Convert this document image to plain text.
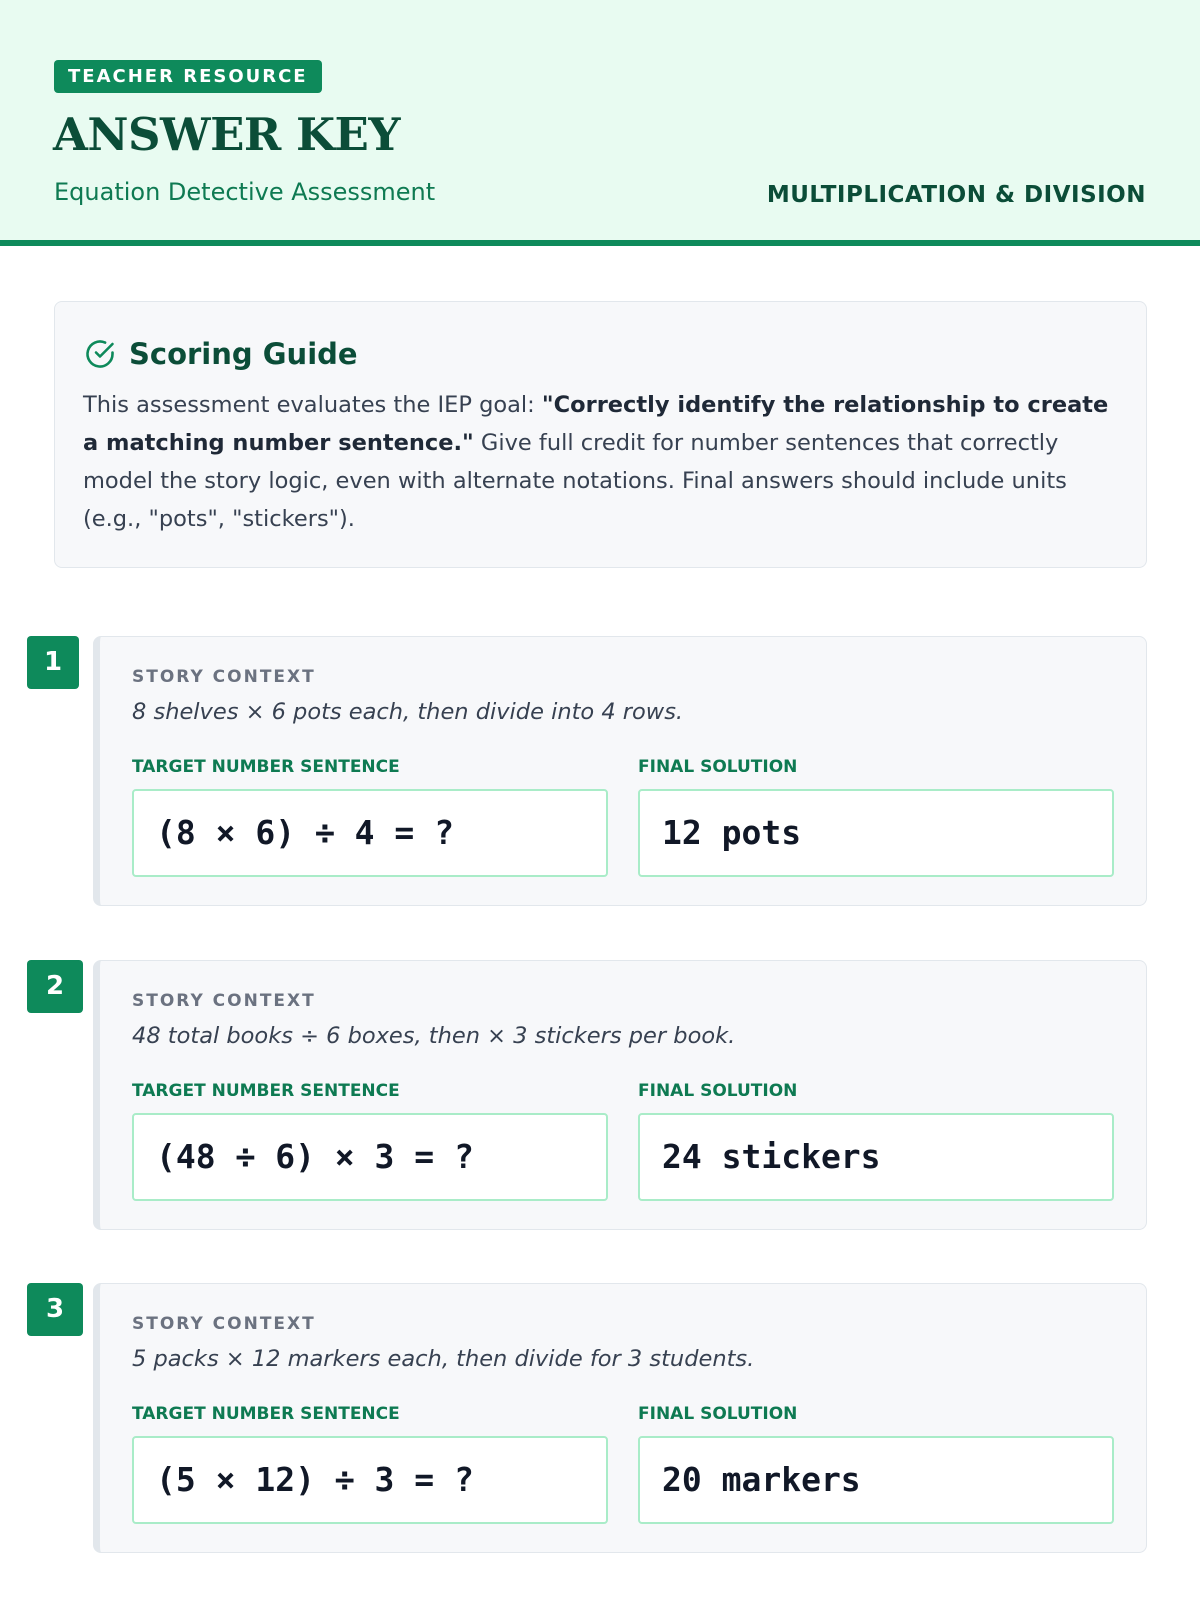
TEACHER RESOURCE
ANSWER KEY
Equation Detective Assessment	MULTIPLICATION & DIVISION
Scoring Guide
This assessment evaluates the IEP goal: "Correctly identify the relationship to create a matching number sentence." Give full credit for number sentences that correctly model the story logic, even with alternate notations. Final answers should include units (e.g., "pots", "stickers").
1	STORY CONTEXT
8 shelves × 6 pots each, then divide into 4 rows.
TARGET NUMBER SENTENCE	FINAL SOLUTION
(8 × 6) ÷ 4 = ?	12 pots
2	STORY CONTEXT
48 total books ÷ 6 boxes, then × 3 stickers per book.
TARGET NUMBER SENTENCE	FINAL SOLUTION
(48 ÷ 6) × 3 = ?	24 stickers
3	STORY CONTEXT
5 packs × 12 markers each, then divide for 3 students.
TARGET NUMBER SENTENCE	FINAL SOLUTION
(5 × 12) ÷ 3 = ?	20 markers
